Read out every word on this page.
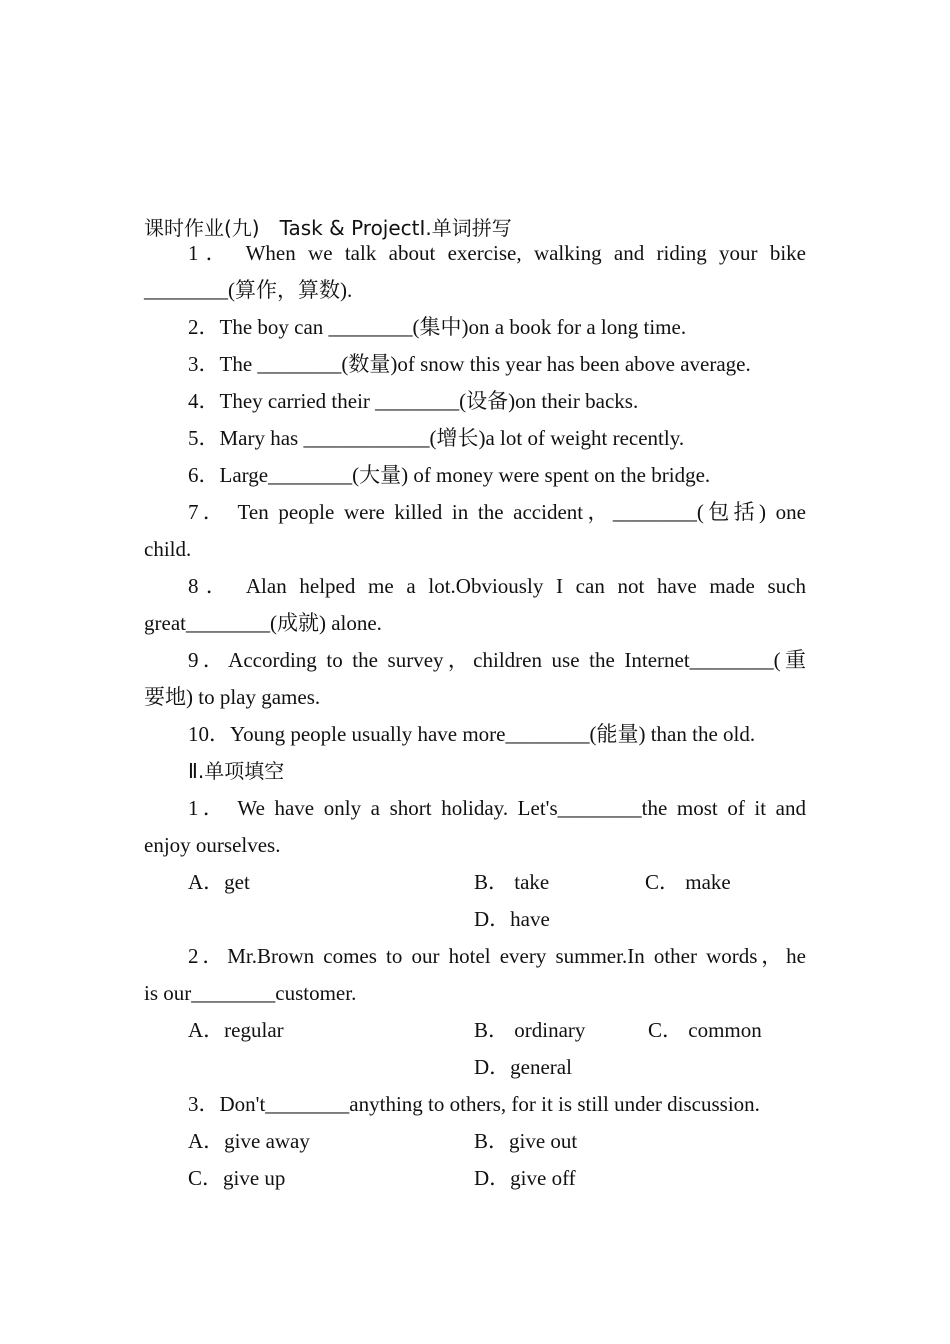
课时作业(九)　Task & ProjectⅠ.单词拼写
1． When we talk about exercise, walking and riding your bike
________(算作，算数).
2．The boy can ________(集中)on a book for a long time.
3．The ________(数量)of snow this year has been above average.
4．They carried their ________(设备)on their backs.
5．Mary has ____________(增长)a lot of weight recently.
6．Large________(大量) of money were spent on the bridge.
7． Ten people were killed in the accident，________(包括) one
child.
8． Alan helped me a lot.Obviously I can not have made such
great________(成就) alone.
9．According to the survey，children use the Internet________(重
要地) to play games.
10．Young people usually have more________(能量) than the old.
Ⅱ.单项填空
1． We have only a short holiday. Let's________the most of it and
enjoy ourselves.
A．get	B． take	C． make
D．have
2．Mr.Brown comes to our hotel every summer.In other words，he
is our________customer.
A．regular	B． ordinary	C． common
D．general
3．Don't________anything to others, for it is still under discussion.
A．give away	B．give out
C．give up	D．give off
